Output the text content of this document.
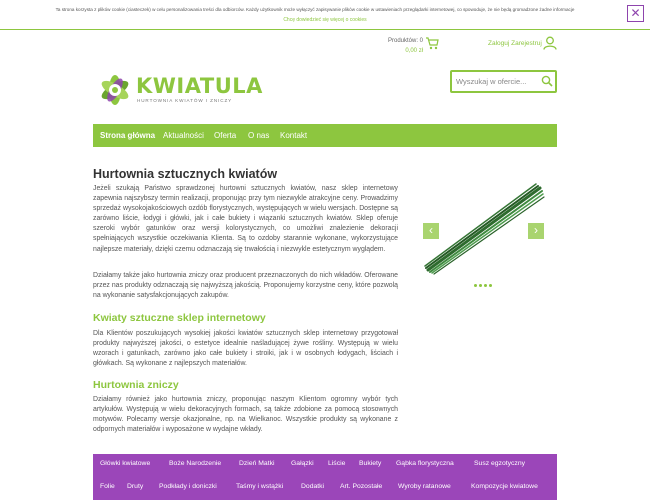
Ta strona korzysta z plików cookie (ciasteczek) w celu personalizowania treści dla odbiorców. Każdy użytkownik może wyłączyć zapisywanie plików cookie w ustawieniach przeglądarki internetowej, co spowoduje, że nie będą gromadzone żadne informacje
Chcę dowiedzieć się więcej o cookies	✕
Produktów: 0
0,00 zł
Zaloguj Zarejestruj
KWIATULA
HURTOWNIA KWIATÓW I ZNICZY
Wyszukaj w ofercie...
Strona główna Aktualności Oferta O nas Kontakt
Hurtownia sztucznych kwiatów
Jeżeli szukają Państwo sprawdzonej hurtowni sztucznych kwiatów, nasz sklep internetowy zapewnia najszybszy termin realizacji, proponując przy tym niezwykle atrakcyjne ceny. Prowadzimy sprzedaż wysokojakościowych ozdób florystycznych, występujących w wielu wersjach. Dostępne są zarówno liście, łodygi i główki, jak i całe bukiety i wiązanki sztucznych kwiatów. Sklep oferuje szeroki wybór gatunków oraz wersji kolorystycznych, co umożliwi znalezienie dekoracji spełniających wszystkie oczekiwania Klienta. Są to ozdoby starannie wykonane, wykorzystujące najlepsze materiały, dzięki czemu odznaczają się trwałością i niezwykle estetycznym wyglądem.
Działamy także jako hurtownia zniczy oraz producent przeznaczonych do nich wkładów. Oferowane przez nas produkty odznaczają się najwyższą jakością. Proponujemy korzystne ceny, które pozwolą na wykonanie satysfakcjonujących zakupów.
Kwiaty sztuczne sklep internetowy
Dla Klientów poszukujących wysokiej jakości kwiatów sztucznych sklep internetowy przygotował produkty najwyższej jakości, o estetyce idealnie naśladującej żywe rośliny. Występują w wielu wzorach i gatunkach, zarówno jako całe bukiety i stroiki, jak i w osobnych łodygach, liściach i główkach. Są wykonane z najlepszych materiałów.
Hurtownia zniczy
Działamy również jako hurtownia zniczy, proponując naszym Klientom ogromny wybór tych artykułów. Występują w wielu dekoracyjnych formach, są także zdobione za pomocą stosownych motywów. Polecamy wersje okazjonalne, np. na Wielkanoc. Wszystkie produkty są wykonane z odpornych materiałów i wyposażone w wydajne wkłady.
‹	›
Główki kwiatowe	Boże Narodzenie	Dzień Matki Gałązki Liście Bukiety Gąbka florystyczna	Susz egzotyczny
Folie Druty Podkłady i doniczki	Taśmy i wstążki	Dodatki Art. Pozostałe Wyroby ratanowe	Kompozycje kwiatowe
